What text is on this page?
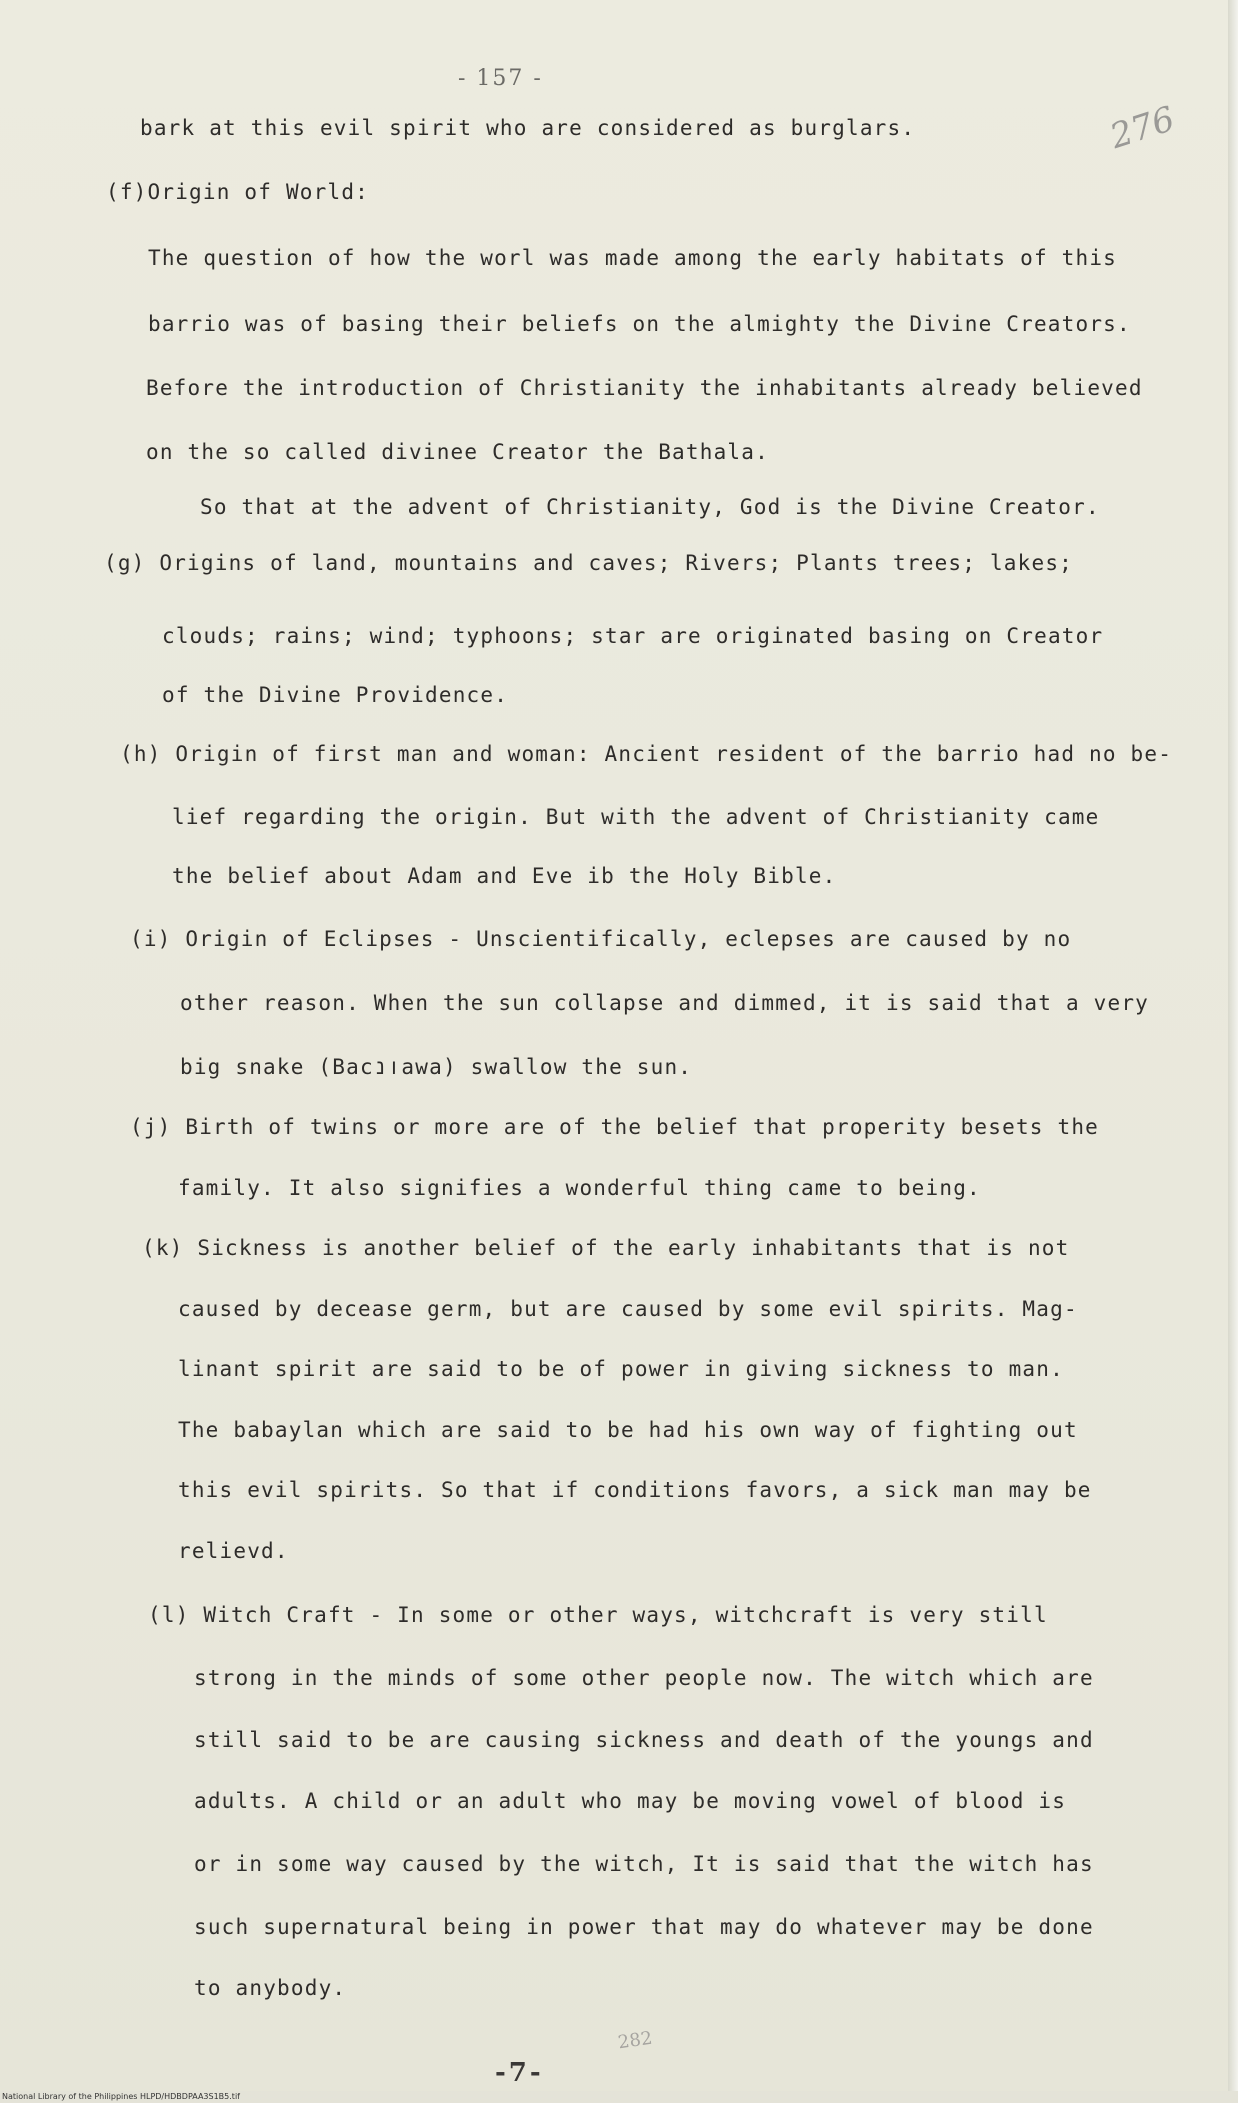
- 157 -
276
bark at this evil spirit who are considered as burglars.
(f)Origin of World:
The question of how the worl was made among the early habitats of this
barrio was of basing their beliefs on the almighty the Divine Creators.
Before the introduction of Christianity the inhabitants already believed
on the so called divinee Creator the Bathala.
So that at the advent of Christianity, God is the Divine Creator.
(g) Origins of land, mountains and caves; Rivers; Plants trees; lakes;
clouds; rains; wind; typhoons; star are originated basing on Creator
of the Divine Providence.
(h) Origin of first man and woman: Ancient resident of the barrio had no be-
lief regarding the origin. But with the advent of Christianity came
the belief about Adam and Eve ib the Holy Bible.
(i) Origin of Eclipses - Unscientifically, eclepses are caused by no
other reason. When the sun collapse and dimmed, it is said that a very
big snake (Bacונawa) swallow the sun.
(j) Birth of twins or more are of the belief that properity besets the
family. It also signifies a wonderful thing came to being.
(k) Sickness is another belief of the early inhabitants that is not
caused by decease germ, but are caused by some evil spirits. Mag-
linant spirit are said to be of power in giving sickness to man.
The babaylan which are said to be had his own way of fighting out
this evil spirits. So that if conditions favors, a sick man may be
relievd.
(l) Witch Craft - In some or other ways, witchcraft is very still
strong in the minds of some other people now. The witch which are
still said to be are causing sickness and death of the youngs and
adults. A child or an adult who may be moving vowel of blood is
or in some way caused by the witch, It is said that the witch has
such supernatural being in power that may do whatever may be done
to anybody.
282
-7-
National Library of the Philippines HLPD/HDBDPAA3S1B5.tif
